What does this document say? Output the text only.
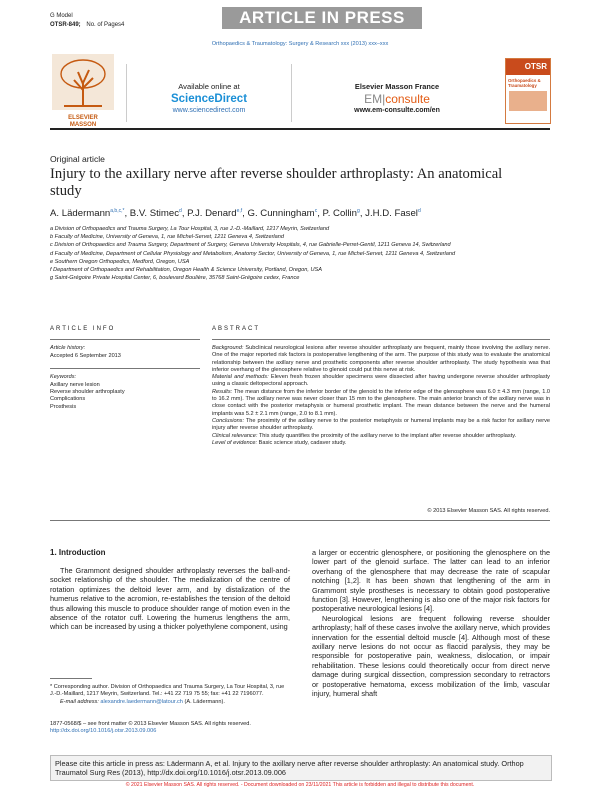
G Model
OTSR-849; No. of Pages4	ARTICLE IN PRESS
Orthopaedics & Traumatology: Surgery & Research xxx (2013) xxx–xxx
ELSEVIER
MASSON
Available online at
ScienceDirect
www.sciencedirect.com
Elsevier Masson France
EM|consulte
www.em-consulte.com/en
OTSR
Orthopaedics & Traumatology
Original article
Injury to the axillary nerve after reverse shoulder arthroplasty: An anatomical study
A. Lädermann$^{a,b,c,*}$, B.V. Stimec$^d$, P.J. Denard$^{e,f}$, G. Cunningham$^c$, P. Collin$^g$, J.H.D. Fasel$^d$

a Division of Orthopaedics and Trauma Surgery, La Tour Hospital, 3, rue J.-D.-Maillard, 1217 Meyrin, Switzerland

b Faculty of Medicine, University of Geneva, 1, rue Michel-Servet, 1211 Geneva 4, Switzerland

c Division of Orthopaedics and Trauma Surgery, Department of Surgery, Geneva University Hospitals, 4, rue Gabrielle-Perret-Gentil, 1211 Geneva 14, Switzerland

d Faculty of Medicine, Department of Cellular Physiology and Metabolism, Anatomy Sector, University of Geneva, 1, rue Michel-Servet, 1211 Geneva 4, Switzerland

e Southern Oregon Orthopedics, Medford, Oregon, USA

f Department of Orthopaedics and Rehabilitation, Oregon Health & Science University, Portland, Oregon, USA

g Saint-Grégoire Private Hospital Center, 6, boulevard Boulière, 35768 Saint-Grégoire cedex, France

ARTICLE INFO
Article history:
Accepted 6 September 2013
Keywords:
Axillary nerve lesion
Reverse shoulder arthroplasty
Complications
Prosthesis
ABSTRACT
Background: Subclinical neurological lesions after reverse shoulder arthroplasty are frequent, mainly those involving the axillary nerve. One of the major reported risk factors is postoperative lengthening of the arm. The purpose of this study was to evaluate the anatomical relationship between the axillary nerve and prosthetic components after reverse shoulder arthroplasty. The study hypothesis was that inferior overhang of the glenosphere relative to glenoid could put this nerve at risk.
Material and methods: Eleven fresh frozen shoulder specimens were dissected after having undergone reverse shoulder arthroplasty using a classic deltopectoral approach.
Results: The mean distance from the inferior border of the glenoid to the inferior edge of the glenosphere was 6.0 ± 4.3 mm (range, 1.0 to 16.2 mm). The axillary nerve was never closer than 15 mm to the glenosphere. The main anterior branch of the axillary nerve was in close contact with the posterior metaphysis or humeral prosthetic implant. The mean distance between the nerve and the humeral implants was 5.2 ± 2.1 mm (range, 2.0 to 8.1 mm).
Conclusions: The proximity of the axillary nerve to the posterior metaphysis or humeral implants may be a risk factor for axillary nerve injury after reverse shoulder arthroplasty.
Clinical relevance: This study quantifies the proximity of the axillary nerve to the implant after reverse shoulder arthroplasty.
Level of evidence: Basic science study, cadaver study.
© 2013 Elsevier Masson SAS. All rights reserved.
1. Introduction

The Grammont designed shoulder arthroplasty reverses the ball-and-socket relationship of the shoulder. The medialization of the centre of rotation optimizes the deltoid lever arm, and by distalization of the humerus relative to the acromion, re-establishes the tension of the deltoid thus allowing this muscle to produce shoulder range of motion even in the absence of the rotator cuff. Lowering the humerus lengthens the arm, which can be increased by using a thicker polyethylene component, using

a larger or eccentric glenosphere, or positioning the glenosphere on the lower part of the glenoid surface. The latter can lead to an inferior overhang of the glenosphere that may decrease the rate of scapular notching [1,2]. It has been shown that lengthening of the arm in Grammont style prostheses is necessary to obtain good postoperative function [3]. However, lengthening is also one of the major risk factors for postoperative neurological lesions [4].

Neurological lesions are frequent following reverse shoulder arthroplasty; half of these cases involve the axillary nerve, which provides innervation for the essential deltoid muscle [4]. Although most of these axillary nerve lesions do not occur as flaccid paralysis, they may be responsible for postoperative pain, weakness, dislocation, or impair rehabilitation. These lesions could theoretically occur from direct nerve damage during surgical dissection, compression secondary to retractors or postoperative hematoma, excess mobilization of the limb, vascular injury, humeral shaft

* Corresponding author. Division of Orthopaedics and Trauma Surgery, La Tour Hospital, 3, rue J.-D.-Maillard, 1217 Meyrin, Switzerland. Tel.: +41 22 719 75 55; fax: +41 22 7196077.
E-mail address: alexandre.laedermann@latour.ch (A. Lädermann).
1877-0568/$ – see front matter © 2013 Elsevier Masson SAS. All rights reserved.
http://dx.doi.org/10.1016/j.otsr.2013.09.006
Please cite this article in press as: Lädermann A, et al. Injury to the axillary nerve after reverse shoulder arthroplasty: An anatomical study. Orthop Traumatol Surg Res (2013), http://dx.doi.org/10.1016/j.otsr.2013.09.006
© 2021 Elsevier Masson SAS. All rights reserved. - Document downloaded on 23/11/2021 This article is forbidden and illegal to distribute this document.
